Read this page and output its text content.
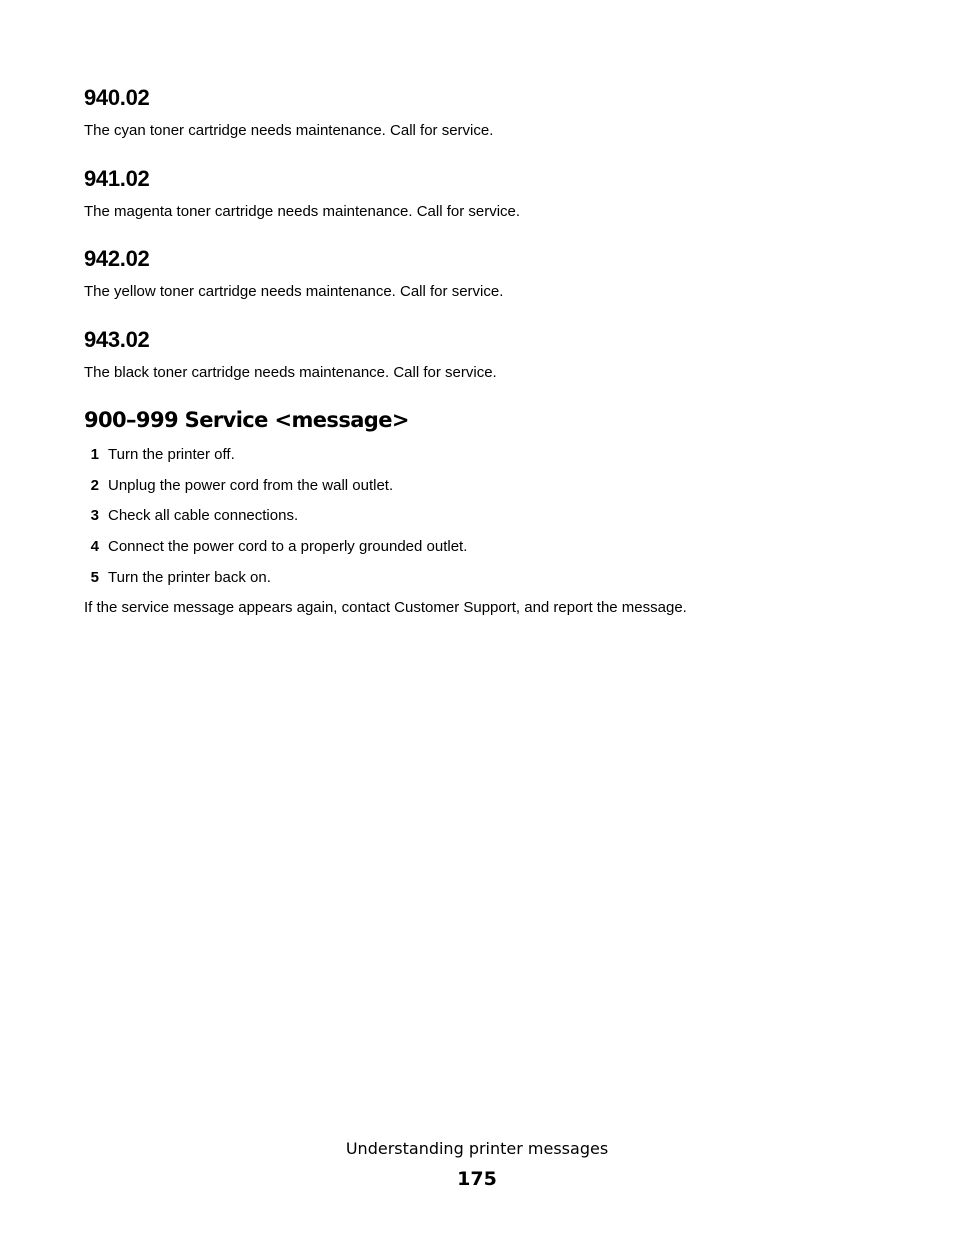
940.02

The cyan toner cartridge needs maintenance. Call for service.

941.02

The magenta toner cartridge needs maintenance. Call for service.

942.02

The yellow toner cartridge needs maintenance. Call for service.

943.02

The black toner cartridge needs maintenance. Call for service.

900–999 Service <message>
1 Turn the printer off.
2 Unplug the power cord from the wall outlet.
3 Check all cable connections.
4 Connect the power cord to a properly grounded outlet.
5 Turn the printer back on.

If the service message appears again, contact Customer Support, and report the message.

Understanding printer messages
175
